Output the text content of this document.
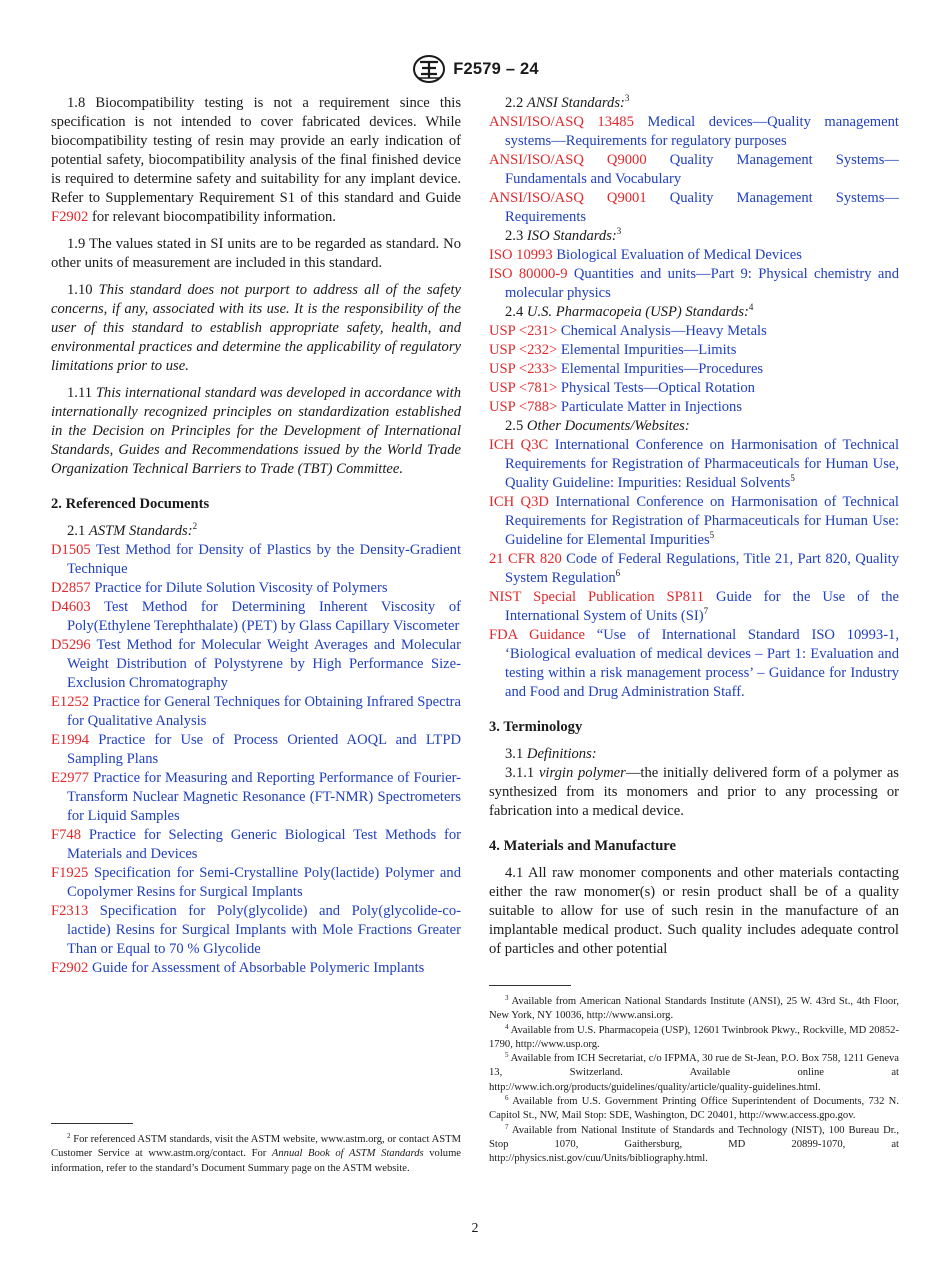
F2579 – 24

1.8 Biocompatibility testing is not a requirement since this specification is not intended to cover fabricated devices. While biocompatibility testing of resin may provide an early indication of potential safety, biocompatibility analysis of the final finished device is required to determine safety and suitability for any implant device. Refer to Supplementary Requirement S1 of this standard and Guide F2902 for relevant biocompatibility information.

1.9 The values stated in SI units are to be regarded as standard. No other units of measurement are included in this standard.

1.10 This standard does not purport to address all of the safety concerns, if any, associated with its use. It is the responsibility of the user of this standard to establish appropriate safety, health, and environmental practices and determine the applicability of regulatory limitations prior to use.

1.11 This international standard was developed in accordance with internationally recognized principles on standardization established in the Decision on Principles for the Development of International Standards, Guides and Recommendations issued by the World Trade Organization Technical Barriers to Trade (TBT) Committee.

2. Referenced Documents

2.1 ASTM Standards:$^2$

D1505 Test Method for Density of Plastics by the Density-Gradient Technique

D2857 Practice for Dilute Solution Viscosity of Polymers

D4603 Test Method for Determining Inherent Viscosity of Poly(Ethylene Terephthalate) (PET) by Glass Capillary Viscometer

D5296 Test Method for Molecular Weight Averages and Molecular Weight Distribution of Polystyrene by High Performance Size-Exclusion Chromatography

E1252 Practice for General Techniques for Obtaining Infrared Spectra for Qualitative Analysis

E1994 Practice for Use of Process Oriented AOQL and LTPD Sampling Plans

E2977 Practice for Measuring and Reporting Performance of Fourier-Transform Nuclear Magnetic Resonance (FT-NMR) Spectrometers for Liquid Samples

F748 Practice for Selecting Generic Biological Test Methods for Materials and Devices

F1925 Specification for Semi-Crystalline Poly(lactide) Polymer and Copolymer Resins for Surgical Implants

F2313 Specification for Poly(glycolide) and Poly(glycolide-co-lactide) Resins for Surgical Implants with Mole Fractions Greater Than or Equal to 70 % Glycolide

F2902 Guide for Assessment of Absorbable Polymeric Implants

$^2$ For referenced ASTM standards, visit the ASTM website, www.astm.org, or contact ASTM Customer Service at www.astm.org/contact. For Annual Book of ASTM Standards volume information, refer to the standard’s Document Summary page on the ASTM website.

2.2 ANSI Standards:$^3$

ANSI/ISO/ASQ 13485 Medical devices—Quality management systems—Requirements for regulatory purposes

ANSI/ISO/ASQ Q9000 Quality Management Systems—Fundamentals and Vocabulary

ANSI/ISO/ASQ Q9001 Quality Management Systems—Requirements

2.3 ISO Standards:$^3$

ISO 10993 Biological Evaluation of Medical Devices

ISO 80000-9 Quantities and units—Part 9: Physical chemistry and molecular physics

2.4 U.S. Pharmacopeia (USP) Standards:$^4$

USP <231> Chemical Analysis—Heavy Metals

USP <232> Elemental Impurities—Limits

USP <233> Elemental Impurities—Procedures

USP <781> Physical Tests—Optical Rotation

USP <788> Particulate Matter in Injections

2.5 Other Documents/Websites:

ICH Q3C International Conference on Harmonisation of Technical Requirements for Registration of Pharmaceuticals for Human Use, Quality Guideline: Impurities: Residual Solvents$^5$

ICH Q3D International Conference on Harmonisation of Technical Requirements for Registration of Pharmaceuticals for Human Use: Guideline for Elemental Impurities$^5$

21 CFR 820 Code of Federal Regulations, Title 21, Part 820, Quality System Regulation$^6$

NIST Special Publication SP811 Guide for the Use of the International System of Units (SI)$^7$

FDA Guidance “Use of International Standard ISO 10993-1, ‘Biological evaluation of medical devices – Part 1: Evaluation and testing within a risk management process’ – Guidance for Industry and Food and Drug Administration Staff.

3. Terminology

3.1 Definitions:

3.1.1 virgin polymer—the initially delivered form of a polymer as synthesized from its monomers and prior to any processing or fabrication into a medical device.

4. Materials and Manufacture

4.1 All raw monomer components and other materials contacting either the raw monomer(s) or resin product shall be of a quality suitable to allow for use of such resin in the manufacture of an implantable medical product. Such quality includes adequate control of particles and other potential

$^3$ Available from American National Standards Institute (ANSI), 25 W. 43rd St., 4th Floor, New York, NY 10036, http://www.ansi.org.

$^4$ Available from U.S. Pharmacopeia (USP), 12601 Twinbrook Pkwy., Rockville, MD 20852-1790, http://www.usp.org.

$^5$ Available from ICH Secretariat, c/o IFPMA, 30 rue de St-Jean, P.O. Box 758, 1211 Geneva 13, Switzerland. Available online at http://www.ich.org/products/guidelines/quality/article/quality-guidelines.html.

$^6$ Available from U.S. Government Printing Office Superintendent of Documents, 732 N. Capitol St., NW, Mail Stop: SDE, Washington, DC 20401, http://www.access.gpo.gov.

$^7$ Available from National Institute of Standards and Technology (NIST), 100 Bureau Dr., Stop 1070, Gaithersburg, MD 20899-1070, at http://physics.nist.gov/cuu/Units/bibliography.html.

2
